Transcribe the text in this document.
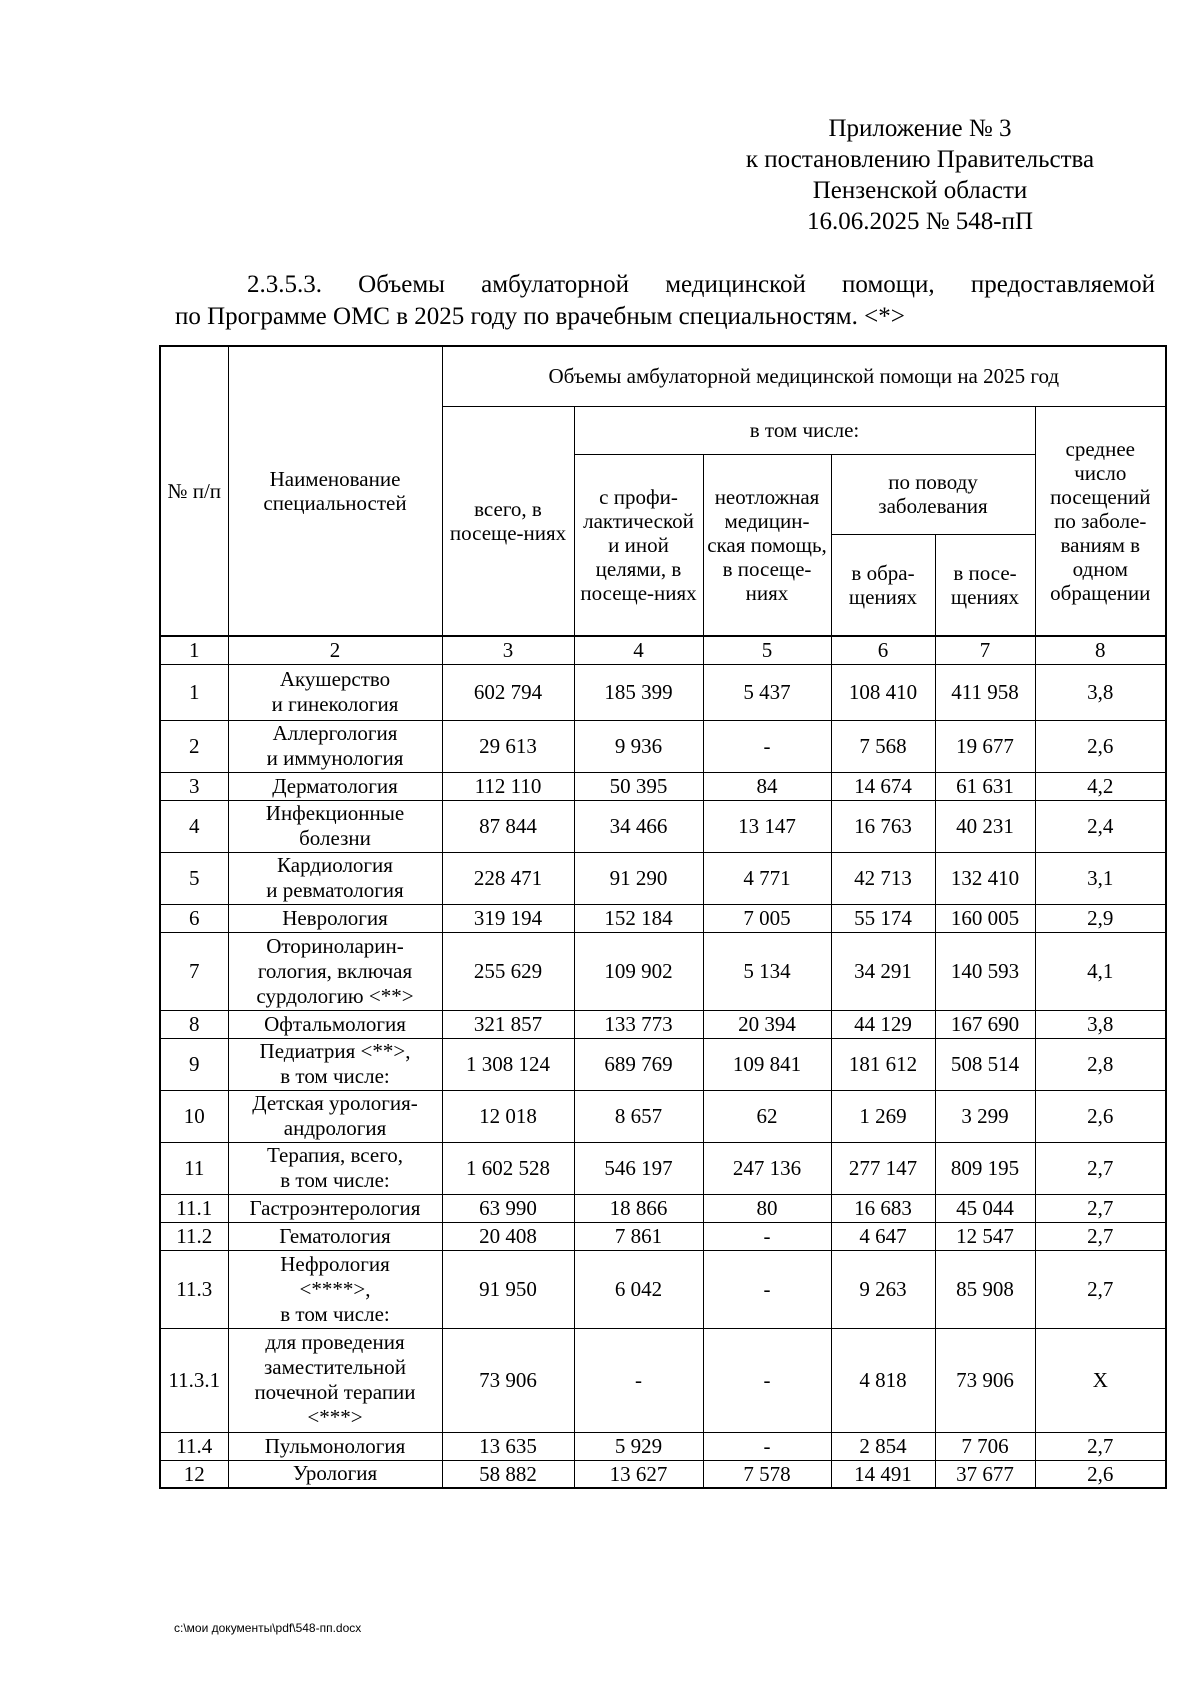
Приложение № 3
к постановлению Правительства
Пензенской области
16.06.2025 № 548-пП
2.3.5.3. Объемы амбулаторной медицинской помощи, предоставляемой
по Программе ОМС в 2025 году по врачебным специальностям. <*>
№ п/п	Наименование специальностей	Объемы амбулаторной медицинской помощи на 2025 год					
		всего, в посеще-ниях	в том числе:				среднее число посещений по заболе-ваниям в одном обращении
			с профи-лактической и иной целями, в посеще-ниях	неотложная медицин-ская помощь, в посеще-ниях	по поводу заболевания		
					в обра-щениях	в посе-щениях	
1	2	3	4	5	6	7	8
1	Акушерство
и гинекология	602 794	185 399	5 437	108 410	411 958	3,8
2	Аллергология
и иммунология	29 613	9 936	-	7 568	19 677	2,6
3	Дерматология	112 110	50 395	84	14 674	61 631	4,2
4	Инфекционные
болезни	87 844	34 466	13 147	16 763	40 231	2,4
5	Кардиология
и ревматология	228 471	91 290	4 771	42 713	132 410	3,1
6	Неврология	319 194	152 184	7 005	55 174	160 005	2,9
7	Оториноларин-
гология, включая
сурдологию <**>	255 629	109 902	5 134	34 291	140 593	4,1
8	Офтальмология	321 857	133 773	20 394	44 129	167 690	3,8
9	Педиатрия <**>,
в том числе:	1 308 124	689 769	109 841	181 612	508 514	2,8
10	Детская урология-
андрология	12 018	8 657	62	1 269	3 299	2,6
11	Терапия, всего,
в том числе:	1 602 528	546 197	247 136	277 147	809 195	2,7
11.1	Гастроэнтерология	63 990	18 866	80	16 683	45 044	2,7
11.2	Гематология	20 408	7 861	-	4 647	12 547	2,7
11.3	Нефрология
<****>,
в том числе:	91 950	6 042	-	9 263	85 908	2,7
11.3.1	для проведения
заместительной
почечной терапии
<***>	73 906	-	-	4 818	73 906	Х
11.4	Пульмонология	13 635	5 929	-	2 854	7 706	2,7
12	Урология	58 882	13 627	7 578	14 491	37 677	2,6
c:\мои документы\pdf\548-пп.docx
